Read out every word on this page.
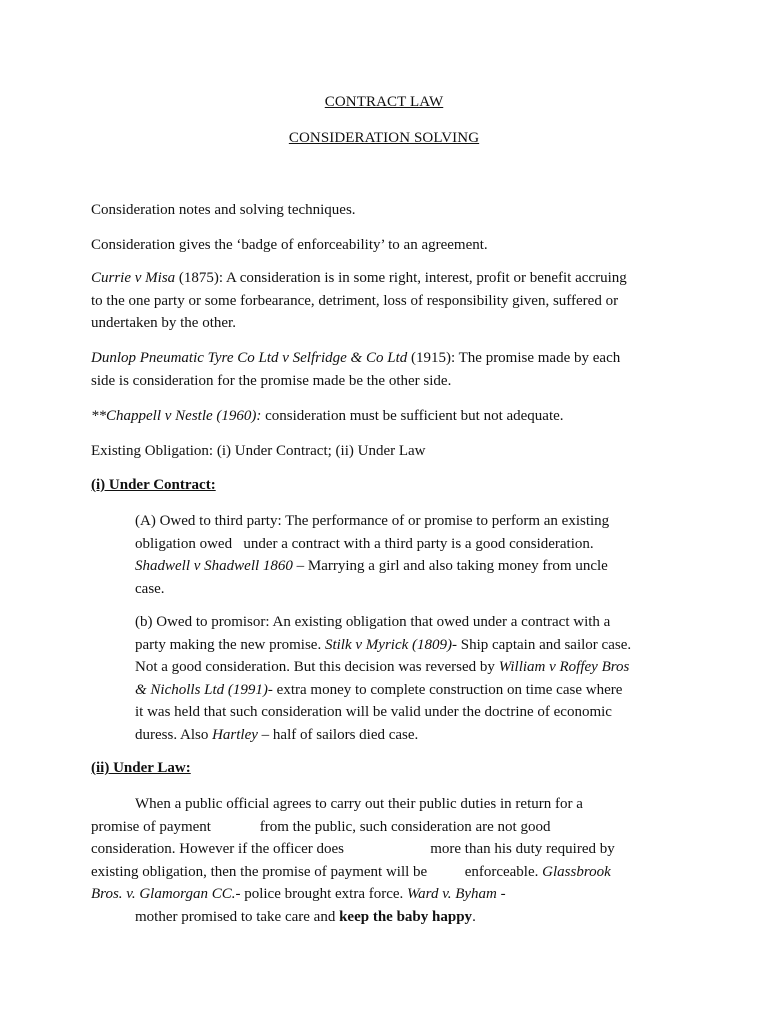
CONTRACT LAW
CONSIDERATION SOLVING

Consideration notes and solving techniques.

Consideration gives the ‘badge of enforceability’ to an agreement.

Currie v Misa (1875): A consideration is in some right, interest, profit or benefit accruing
to the one party or some forbearance, detriment, loss of responsibility given, suffered or
undertaken by the other.

Dunlop Pneumatic Tyre Co Ltd v Selfridge & Co Ltd (1915): The promise made by each
side is consideration for the promise made be the other side.

**Chappell v Nestle (1960): consideration must be sufficient but not adequate.

Existing Obligation: (i) Under Contract; (ii) Under Law

(i) Under Contract:

(A) Owed to third party: The performance of or promise to perform an existing
obligation owed   under a contract with a third party is a good consideration.
Shadwell v Shadwell 1860 – Marrying a girl and also taking money from uncle
case.

(b) Owed to promisor: An existing obligation that owed under a contract with a
party making the new promise. Stilk v Myrick (1809)- Ship captain and sailor case.
Not a good consideration. But this decision was reversed by William v Roffey Bros
& Nicholls Ltd (1991)- extra money to complete construction on time case where
it was held that such consideration will be valid under the doctrine of economic
duress. Also Hartley – half of sailors died case.

(ii) Under Law:

When a public official agrees to carry out their public duties in return for a
promise of payment             from the public, such consideration are not good
consideration. However if the officer does                       more than his duty required by
existing obligation, then the promise of payment will be          enforceable. Glassbrook
Bros. v. Glamorgan CC.- police brought extra force. Ward v. Byham -
mother promised to take care and keep the baby happy.
